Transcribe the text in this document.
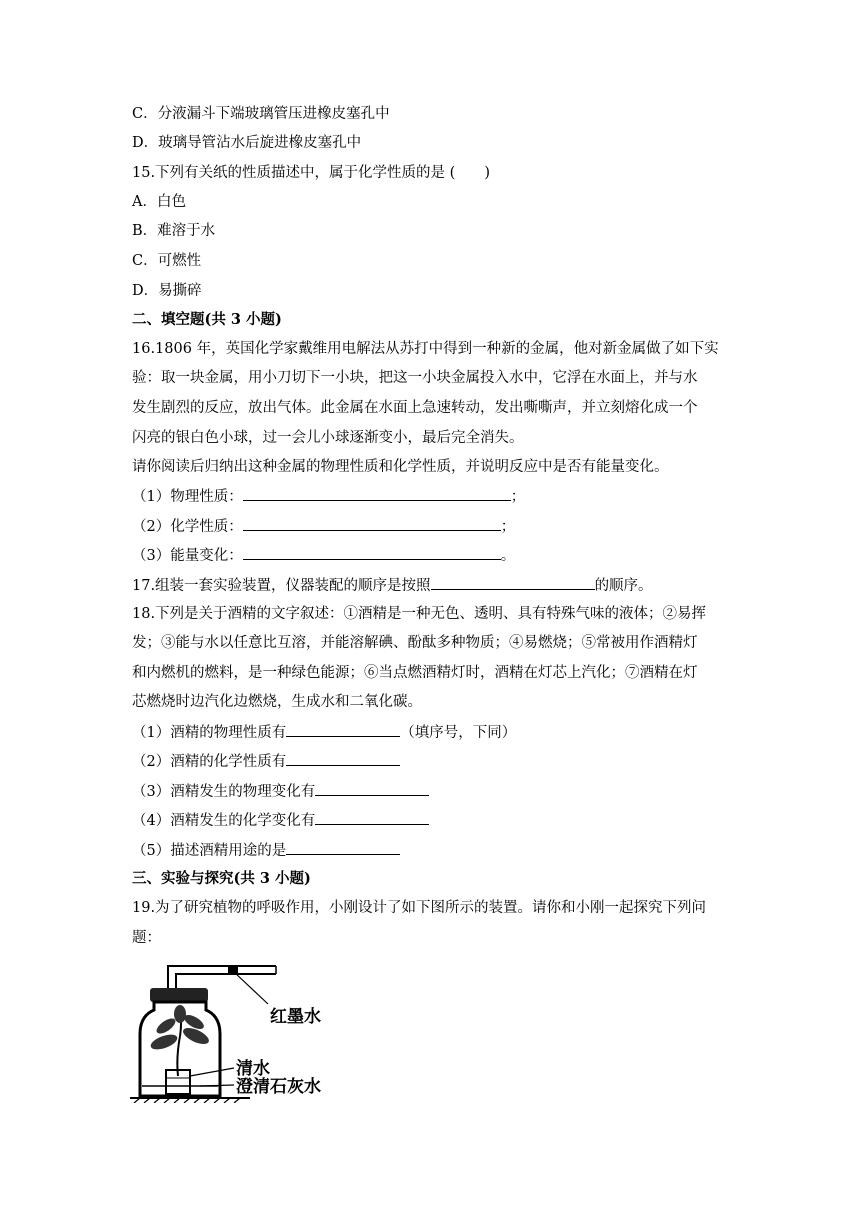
C．分液漏斗下端玻璃管压进橡皮塞孔中
D．玻璃导管沾水后旋进橡皮塞孔中
15.下列有关纸的性质描述中，属于化学性质的是 (　　)
A．白色
B．难溶于水
C．可燃性
D．易撕碎
二、填空题(共 3 小题)
16.1806 年，英国化学家戴维用电解法从苏打中得到一种新的金属，他对新金属做了如下实
验：取一块金属，用小刀切下一小块，把这一小块金属投入水中，它浮在水面上，并与水
发生剧烈的反应，放出气体。此金属在水面上急速转动，发出嘶嘶声，并立刻熔化成一个
闪亮的银白色小球，过一会儿小球逐渐变小，最后完全消失。
请你阅读后归纳出这种金属的物理性质和化学性质，并说明反应中是否有能量变化。
（1）物理性质：	；
（2）化学性质：	；
（3）能量变化：	。
17.组装一套实验装置，仪器装配的顺序是按照	的顺序。
18.下列是关于酒精的文字叙述：①酒精是一种无色、透明、具有特殊气味的液体；②易挥
发；③能与水以任意比互溶，并能溶解碘、酚酞多种物质；④易燃烧；⑤常被用作酒精灯
和内燃机的燃料，是一种绿色能源；⑥当点燃酒精灯时，酒精在灯芯上汽化；⑦酒精在灯
芯燃烧时边汽化边燃烧，生成水和二氧化碳。
（1）酒精的物理性质有	（填序号，下同）
（2）酒精的化学性质有
（3）酒精发生的物理变化有
（4）酒精发生的化学变化有
（5）描述酒精用途的是
三、实验与探究(共 3 小题)
19.为了研究植物的呼吸作用，小刚设计了如下图所示的装置。请你和小刚一起探究下列问
题：
红墨水
清水
澄清石灰水
